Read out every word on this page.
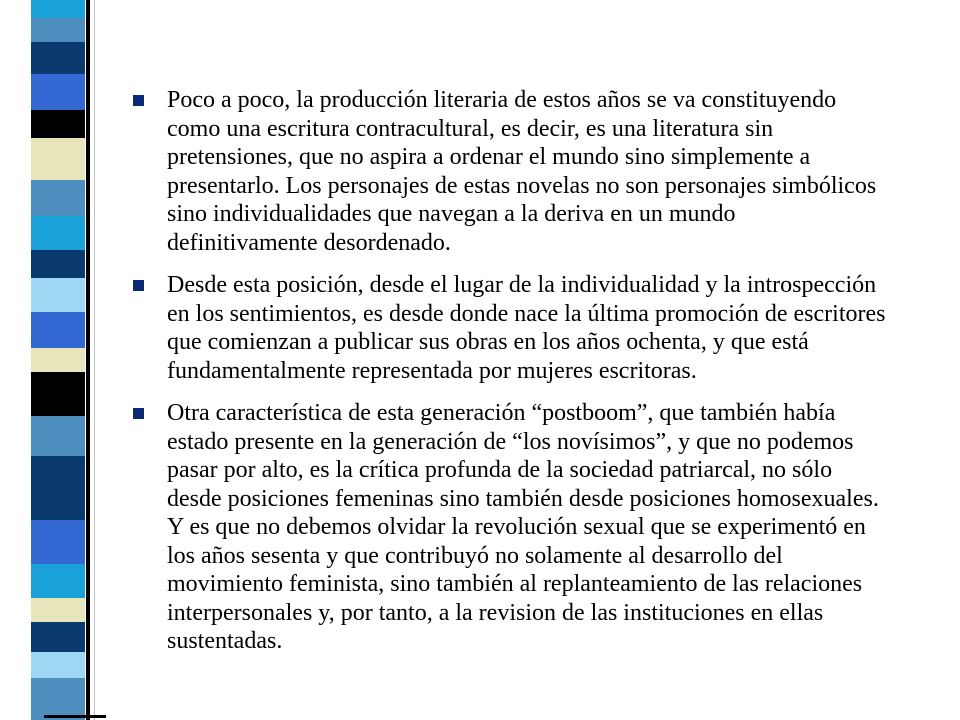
Poco a poco, la producción literaria de estos años se va constituyendo como una escritura contracultural, es decir, es una literatura sin pretensiones, que no aspira a ordenar el mundo sino simplemente a presentarlo. Los personajes de estas novelas no son personajes simbólicos sino individualidades que navegan a la deriva en un mundo definitivamente desordenado.
Desde esta posición, desde el lugar de la individualidad y la introspección en los sentimientos, es desde donde nace la última promoción de escritores que comienzan a publicar sus obras en los años ochenta, y que está fundamentalmente representada por mujeres escritoras.
Otra característica de esta generación “postboom”, que también había estado presente en la generación de “los novísimos”, y que no podemos pasar por alto, es la crítica profunda de la sociedad patriarcal, no sólo desde posiciones femeninas sino también desde posiciones homosexuales. Y es que no debemos olvidar la revolución sexual que se experimentó en los años sesenta y que contribuyó no solamente al desarrollo del movimiento feminista, sino también al replanteamiento de las relaciones interpersonales y, por tanto, a la revision de las instituciones en ellas sustentadas.
